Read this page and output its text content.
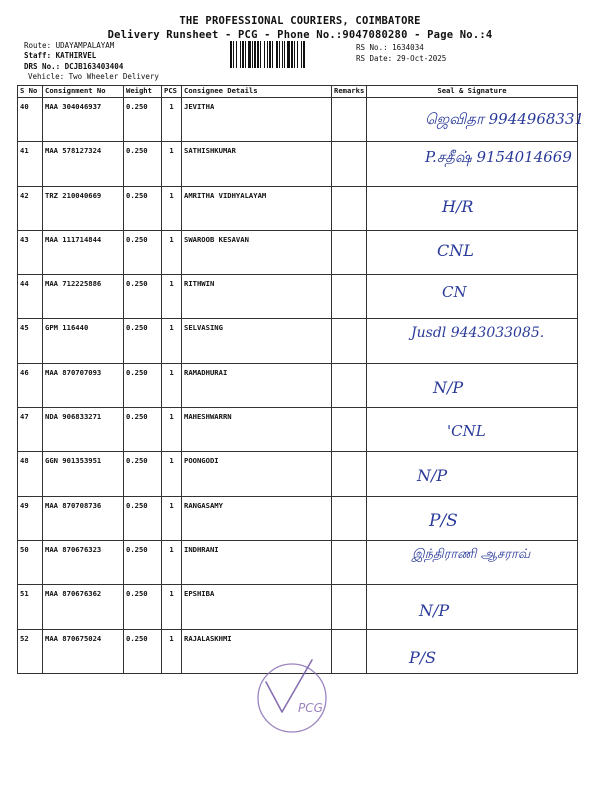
THE PROFESSIONAL COURIERS, COIMBATORE
Delivery Runsheet - PCG - Phone No.:9047080280 - Page No.:4
Route: UDAYAMPALAYAM
Staff: KATHIRVEL
DRS No.: DCJB163403404
Vehicle: Two Wheeler Delivery
RS No.: 1634034
RS Date: 29-Oct-2025
S No	Consignment No	Weight	PCS	Consignee Details	Remarks	Seal & Signature
40	MAA 304046937	0.250	1	JEVITHA		ஜெவிதா 9944968331

41	MAA 578127324	0.250	1	SATHISHKUMAR		P.சதீஷ் 9154014669

42	TRZ 210040669	0.250	1	AMRITHA VIDHYALAYAM		H/R

43	MAA 111714844	0.250	1	SWAROOB KESAVAN		CNL

44	MAA 712225886	0.250	1	RITHWIN		CN

45	GPM 116440	0.250	1	SELVASING		Jusdl 9443033085.

46	MAA 870707093	0.250	1	RAMADHURAI		N/P

47	NDA 906833271	0.250	1	MAHESHWARRN		'CNL

48	GGN 901353951	0.250	1	POONGODI		N/P

49	MAA 870708736	0.250	1	RANGASAMY		P/S

50	MAA 870676323	0.250	1	INDHRANI		இந்திராணி ஆசராவ்

51	MAA 870676362	0.250	1	EPSHIBA		N/P

52	MAA 870675024	0.250	1	RAJALASKHMI		P/S
PCG
